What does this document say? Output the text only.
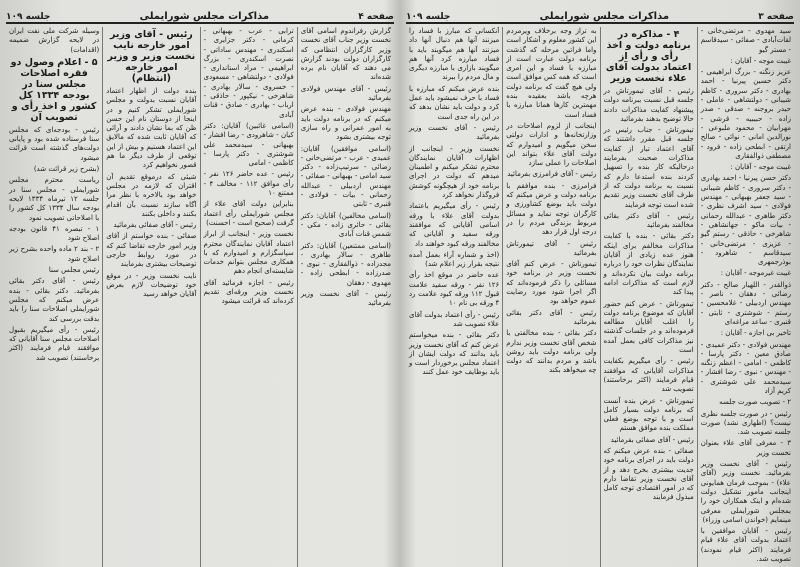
صفحه ۴
مذاکرات مجلس شورایملی
جلسه ۱۰۹

گزارش رفراندوم اسامی آقای نخست وزیر جناب آقای نخست وزیر کارگزاران انتظامی که کارگزاران دولت بودند گزارش می دهند که آقایان نام برده شده‌اند

رئیس - آقای مهندس فولادی بفرمائید

مهندس فولادی - بنده عرض میکنم که در برنامه دولت باید به امور عمرانی و راه سازی توجه بیشتری بشود

(اسامی موافقین) آقایان: عمیدی - عرب - مرتضی‌خانی - رضائی - سرتیپ‌زاده - دکتر سید امامی - بهبهانی - صفائی - مهندس اردبیلی - عبدالله رحمانی - بیات - فولادی - قنبری - ثابتی

(اسامی مخالفین) آقایان: دکتر بقائی - حائری زاده - مکی - شمس قنات آبادی

(اسامی ممتنعین) آقایان: دکتر طاهری - سالار بهادری - مجدزاده - ذوالفقاری - نبوی - صدرزاده - ابطحی زاده - مهدوی - دهقان

رئیس - آقای نخست وزیر بفرمائید

ترابی - عرب - بهبهانی - کرمانی - دکتر جزایری - اسکندری - مهندس ساداتی - نصرت اسکندری - بزرگ ابراهیمی - مراد استانداری - فولادی - دولتشاهی - مسعودی - خسروی - سالار بهادری - شاهرخی - نیکپور - حاذقی - ارباب - بهادری - صادق - قنات آبادی

(اسامی غائبین) آقایان: دکتر کیان - شاهرودی - رضا افشار - بهبهانی - سیدمحمد علی شوشتری - دکتر پارسا - کاظمی - امامی

رئیس - عده حاضر ۱۲۶ نفر - رأی موافق ۱۱۲ - مخالف ۴ - ممتنع ۱۰

بنابراین دولت آقای علاء از مجلس شورایملی رأی اعتماد گرفت (صحیح است - احسنت)

نخست وزیر - اینجانب از ابراز اعتماد آقایان نمایندگان محترم سپاسگزارم و امیدوارم که با همکاری مجلس بتوانم خدمات شایسته‌ای انجام دهم

رئیس - اجازه فرمائید آقای نخست وزیر ورقه‌ای تقدیم کرده‌اند که قرائت میشود

رئیس - آقای وزیر امور خارجه نایب نخست وزیر و وزیر امور خارجه (انتظام)

بنده دولت از اظهار اعتماد آقایان نسبت بدولت و مجلس شورایملی تشکر کنیم و در اینجا از دوستان نام این حسن ظن که بما نشان دادند و آرائی که آقایان ثابت شده که مالایق این اعتماد هستیم و بیش از این توقعی از طرف دیگر ما هم قصور نخواهیم کرد

شیئی که درموقع تقدیم آن اقتران که لازمه در مجلس خواهد بود بالاخره با نظر مرا آگاه سازند نسبت بآن اقدام بکنند و داخلی بکنند

رئیس - آقای صفائی بفرمائید

صفائی - بنده خواستم از آقای وزیر امور خارجه تقاضا کنم که در مورد روابط خارجی توضیحات بیشتری بفرمایند

نایب نخست وزیر - در موقع خود توضیحات لازم بعرض آقایان خواهد رسید

وسیله شرکت ملی نفت ایران در لایحه گزارش ضمیمه (اقدامات)

۵ - اعلام وصول دو فقره اصلاحات مجلس سنا در بودجه ۱۳۳۴ کل کشور و اخذ رأی و تصویب آن

رئیس - بودجه‌ای که مجلس سنا فرستاده شده بود و پایانی دولت‌های گذشته است قرائت میشود

(بشرح زیر قرائت شد)

ریاست محترم مجلس شورایملی - مجلس سنا در جلسه ۱۲ تیرماه ۱۳۳۴ لایحه بودجه سال ۱۳۳۴ کل کشور را با اصلاحاتی تصویب نمود

۱ - تبصره ۴۱ قانون بودجه اصلاح شود

۲ - بند ۲ ماده واحده بشرح زیر اصلاح شود

رئیس مجلس سنا

رئیس - آقای دکتر بقائی بفرمائید. دکتر بقائی - بنده عرض میکنم که مجلس شورایملی اصلاحات سنا را باید بدقت بررسی کند

رئیس - رأی میگیریم بقبول اصلاحات مجلس سنا آقایانی که موافقند قیام فرمایند (اکثر برخاستند) تصویب شد

صفحه ۳
مذاکرات مجلس شورایملی
جلسه ۱۰۹

سید مهدوی - مرتضی‌خانی - لقات‌آبادی - صفائی - سیدقاسم - مستر گیو

غیبت موجه - آقایان :

عزیز زنگنه - بزرگ ابراهیمی - دکتر حسین پیرنیا - احمد بهادری - دکتر سروری - کاظم شیبانی - دولتشاهی - عاملی - حیدر بروجنه - صدقی - صدر زاده - حبیبیه - قرشی - مهرابیان - محمود ملبوعی - نورالدین امانی - نوائی - صالح ارتقی - ابطحی زاده - فرود - مصطفی ذوالفقاری

غیبت موجه - آقایان :

دکتر حسن پیرنیا - احمد بهادری - دکتر سروری - کاظم شیبانی - سید جعفر بهبهانی - مهندس فولادی - سید اشرف نظری - دکتر طاهری - عبدالله رحمانی - بیات ماکو - جهانشاهی - شاهرخی - حاذقی - رستم گیو - عزیزی - مرتضی‌خانی - سیدقاسم - شاهرود - بوذرجمهری

غیبت غیرموجه - آقایان :

ذوالقدر - اللهیار صالح - دکتر رضائی - دهقان - ناصر - مهندس اردبیلی - غلامحسین - رستم - شوشتری - ثابتی - قنبری - ساعد مراغه‌ای

تاخیر بی اجازه - آقایان :

مهندس فولادی - دکتر عمیدی - صادق معین - دکتر پارسا - کاظمی - امامی - اعظم زنگنه - مهندس - نبوی - رضا افشار - سیدمحمد علی شوشتری - کریم آزاد

۲ - تصویب صورت جلسه

رئیس - در صورت جلسه نظری نیست؟ (اظهاری نشد) صورت جلسه تصویب شد.

۳ - معرفی آقای علاء بعنوان نخست وزیر

رئیس - آقای نخست وزیر بفرمائید. نخست وزیر (آقای علاء) - بموجب فرمان همایونی اینجانب مأمور تشکیل دولت شده‌ام و اینک همکاران خود را بمجلس شورایملی معرفی مینمایم (خواندن اسامی وزراء)

رئیس - آقایان موافقین با اعتماد بدولت آقای علاء قیام فرمایند (اکثر قیام نمودند) تصویب شد.

۴ - مذاکره در برنامه دولت و اخذ رأی و رأی از اعتماد بدولت آقای علاء نخست وزیر

رئیس - آقای تیمورتاش در جلسه قبل نسبت ببرنامه دولت پیشنهاد کفایت مذاکرات دادند حالا توضیح بدهند بفرمائید

تیمورتاش - جناب رئیس در جلسه قبل مقرر داشتند که آقای اعتماد تبار از کفایت مذاکرات صحبت بفرمایند درحالیکه کار بنده را تسهیل کردند بنده استدعا دارم که نسبت به برنامه دولت که از طرف آقای نخست وزیر تقدیم شده است توجه فرمایند

رئیس - آقای دکتر بقائی مخالفند بفرمائید

دکتر بقائی - بنده با کفایت مذاکرات مخالفم برای اینکه هنوز عده زیادی از آقایان نمایندگان نظرات خود را درباره برنامه دولت بیان نکرده‌اند و لازم است که مذاکرات ادامه پیدا کند

تیمورتاش - عرض کنم حضور آقایان که موضوع برنامه دولت را اغلب آقایان مطالعه فرموده‌اند و در جلسات گذشته نیز مذاکرات کافی بعمل آمده است

رئیس - رأی میگیریم بکفایت مذاکرات آقایانی که موافقند قیام فرمایند (اکثر برخاستند) تصویب شد

تیمورتاش - عرض بنده آنست که برنامه دولت بسیار کامل است و با توجه بوضع فعلی مملکت بنده موافق هستم

رئیس - آقای صفائی بفرمائید

صفائی - بنده عرض میکنم که دولت باید در اجرای برنامه خود جدیت بیشتری بخرج دهد و از آقای نخست وزیر تقاضا دارم که در امور اقتصادی توجه کامل مبذول فرمایند

به تراز وجه برخلاف ویرمردم این کشور معلوم و آشکار است واما فراتین مرحله که گذشت برنامه دولت عبارت است از مبارزه با فساد و این امری است که همه کس موافق است ولی هیچ گفت که برنامه دولت هرچه باشد بعقیده بنده مهمترین کارها همانا مبارزه با فساد است

اینجانب از لزوم اصلاحات در وزارتخانه‌ها و ادارات دولتی سخن میگویم و امیدوارم که دولت آقای علاء بتواند این اصلاحات را عملی سازد

رئیس - آقای فرامرزی بفرمائید

فرامرزی - بنده موافقم با برنامه دولت و عرض میکنم که دولت باید بوضع کشاورزی و کارگران توجه نماید و مسائل مربوط بزندگی مردم را در درجه اول قرار دهد

رئیس - آقای تیمورتاش بفرمائید

تیمورتاش - عرض کنم آقای نخست وزیر در برنامه خود مسائلی را ذکر فرموده‌اند که اگر اجرا شود مورد رضایت عموم خواهد بود

رئیس - آقای دکتر بقائی بفرمائید

دکتر بقائی - بنده مخالفتی با شخص آقای نخست وزیر ندارم ولی برنامه دولت باید روشن باشد و مردم بدانند که دولت چه میخواهد بکند

آنکسانی که مبارز با فساد را میزنند آنها هم دنبال آنها داد میزنند آنها هم میگویند باید با فساد مبارزه کرد آنها هم میگویند بازاری با مبارزه دیگری و مال مردم را ببرند

بنده عرض میکنم که مبارزه با فساد با حرف نمیشود باید عمل کرد و دولت باید نشان بدهد که در این راه جدی است

رئیس - آقای نخست وزیر بفرمائید

نخست وزیر - اینجانب از اظهارات آقایان نمایندگان محترم تشکر میکنم و اطمینان میدهم که دولت در اجرای برنامه خود از هیچگونه کوشش فروگذار نخواهد کرد

رئیس - رأی میگیریم باعتماد بدولت آقای علاء با ورقه اسامی آقایانی که موافقند ورقه سفید و آقایانی که مخالفند ورقه کبود خواهند داد

(اخذ و شماره آراء بعمل آمده نتیجه بقرار زیر اعلام شد)

عده حاضر در موقع اخذ رأی ۱۲۶ نفر - ورقه سفید علامت قبول ۱۱۲ ورقه کبود علامت رد ۴ ورقه بی نام ۱۰

رئیس - رأی اعتماد بدولت آقای علاء تصویب شد

دکتر بقائی - بنده میخواستم عرض کنم که آقای نخست وزیر باید بدانند که دولت ایشان از اعتماد مجلس برخوردار است و باید بوظایف خود عمل کنند
